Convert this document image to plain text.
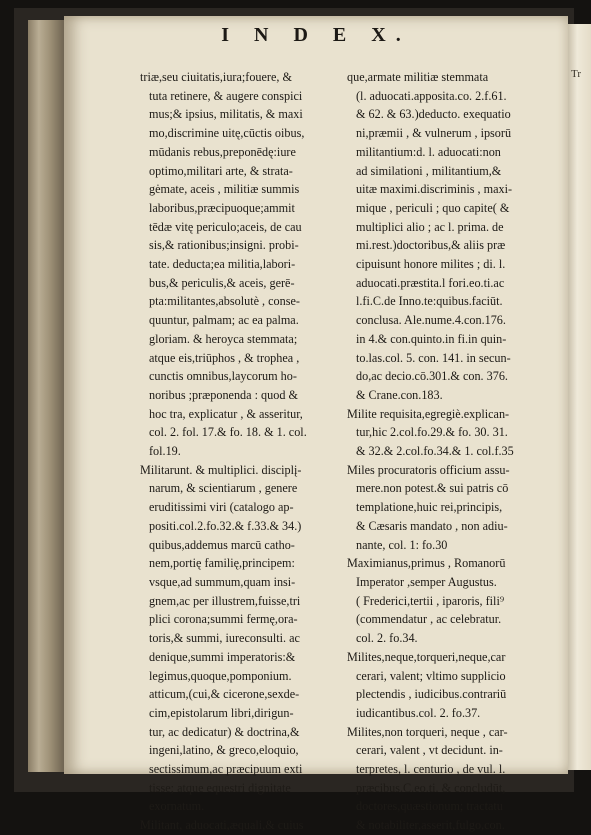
Tr
I N D E X.
triæ,seu ciuitatis,iura;fouere, &
tuta retinere, & augere conspici
mus;& ipsius, militatis, & maxi
mo,discrimine uitę,cūctis oibus,
mūdanis rebus,preponēdę:iure
optimo,militari arte, & strata-
gėmate, aceis , militiæ summis
laboribus,præcipuoque;ammit
tēdæ vitę periculo;aceis, de cau
sis,& rationibus;insigni. probi-
tate. deducta;ea militia,labori-
bus,& periculis,& aceis, gerē-
pta:militantes,absolutè , conse-
quuntur, palmam; ac ea palma.
gloriam. & heroyca stemmata;
atque eis,triūphos , & trophea ,
cunctis omnibus,laycorum ho-
noribus ;præponenda : quod &
hoc tra, explicatur , & asseritur,
col. 2. fol. 17.& fo. 18. & 1. col.
fol.19.
Militarunt. & multiplici. disciplį-
narum, & scientiarum , genere
eruditissimi viri (catalogo ap-
positi.col.2.fo.32.& f.33.& 34.)
quibus,addemus marcū catho-
nem,portię familię,principem:
vsque,ad summum,quam insi-
gnem,ac per illustrem,fuisse,tri
plici corona;summi fermę,ora-
toris,& summi, iureconsulti. ac
denique,summi imperatoris:&
legimus,quoque,pomponium.
atticum,(cui,& cicerone,sexde-
cim,epistolarum libri,dirigun-
tur, ac dedicatur) & doctrina,&
ingeni,latino, & greco,eloquio,
sectissimum,ac præcipuum exti
tisse; atque equestri dignitate
exornatum.
Militant, aduocati,æquali,& cuius
que,armate militiæ stemmata
(l. aduocati.apposita.co. 2.f.61.
& 62. & 63.)deducto. exequatio
ni,præmii , & vulnerum , ipsorū
militantium:d. l. aduocati:non
ad similationi , militantium,&
uitæ maximi.discriminis , maxi-
mique , periculi ; quo capite( &
multiplici alio ; ac l. prima. de
mi.rest.)doctoribus,& aliis præ
cipuisunt honore milites ; di. l.
aduocati.præstita.l fori.eo.ti.ac
l.fi.C.de Inno.te:quibus.faciūt.
conclusa. Ale.nume.4.con.176.
in 4.& con.quinto.in fi.in quin-
to.las.col. 5. con. 141. in secun-
do,ac decio.cō.301.& con. 376.
& Crane.con.183.
Milite requisita,egregiè.explican-
tur,hic 2.col.fo.29.& fo. 30. 31.
& 32.& 2.col.fo.34.& 1. col.f.35
Miles procuratoris officium assu-
mere.non potest.& sui patris cō
templatione,huic rei,principis,
& Cæsaris mandato , non adiu-
nante, col. 1: fo.30
Maximianus,primus , Romanorū
Imperator ,semper Augustus.
( Frederici,tertii , iparoris, fili⁹
(commendatur , ac celebratur.
col. 2. fo.34.
Milites,neque,torqueri,neque,car
cerari, valent; vltimo supplicio
plectendis , iudicibus.contrariū
iudicantibus.col. 2. fo.37.
Milites,non torqueri, neque , car-
cerari, valent , vt decidunt. in-
terpretes, l. centurio , de vul. l.
præcibus.C.eo.ti. & concludūt,
doctores,quæstionum; tractatu
& notabiliter,asserit,fulgo,con.
